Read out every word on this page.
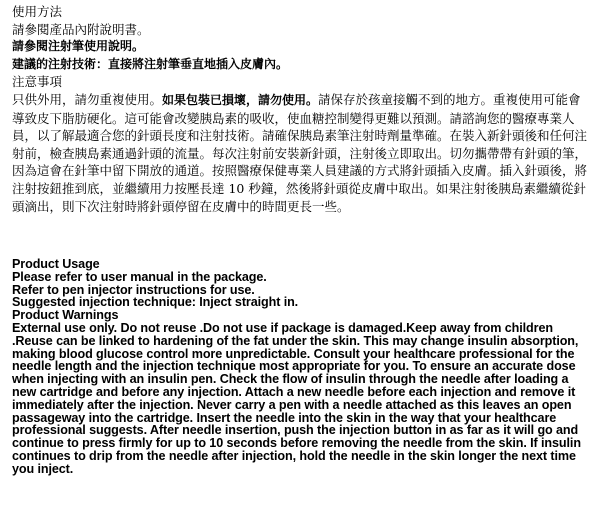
使用方法

請參閱產品內附說明書。

請參閱注射筆使用說明。

建議的注射技術：直接將注射筆垂直地插入皮膚內。

注意事項

只供外用，請勿重複使用。如果包裝已損壞，請勿使用。請保存於孩童接觸不到的地方。重複使用可能會導致皮下脂肪硬化。這可能會改變胰島素的吸收，使血糖控制變得更難以預測。請諮詢您的醫療專業人員，以了解最適合您的針頭長度和注射技術。請確保胰島素筆注射時劑量準確。在裝入新針頭後和任何注射前，檢查胰島素通過針頭的流量。每次注射前安裝新針頭，注射後立即取出。切勿攜帶帶有針頭的筆，因為這會在針筆中留下開放的通道。按照醫療保健專業人員建議的方式將針頭插入皮膚。插入針頭後，將注射按鈕推到底，並繼續用力按壓長達 10 秒鐘，然後將針頭從皮膚中取出。如果注射後胰島素繼續從針頭滴出，則下次注射時將針頭停留在皮膚中的時間更長一些。

Product Usage

Please refer to user manual in the package.

Refer to pen injector instructions for use.

Suggested injection technique: Inject straight in.

Product Warnings

External use only. Do not reuse .Do not use if package is damaged.Keep away from children .Reuse can be linked to hardening of the fat under the skin. This may change insulin absorption, making blood glucose control more unpredictable. Consult your healthcare professional for the needle length and the injection technique most appropriate for you. To ensure an accurate dose when injecting with an insulin pen. Check the flow of insulin through the needle after loading a new cartridge and before any injection. Attach a new needle before each injection and remove it immediately after the injection. Never carry a pen with a needle attached as this leaves an open passageway into the cartridge. Insert the needle into the skin in the way that your healthcare professional suggests. After needle insertion, push the injection button in as far as it will go and continue to press firmly for up to 10 seconds before removing the needle from the skin. If insulin continues to drip from the needle after injection, hold the needle in the skin longer the next time you inject.
